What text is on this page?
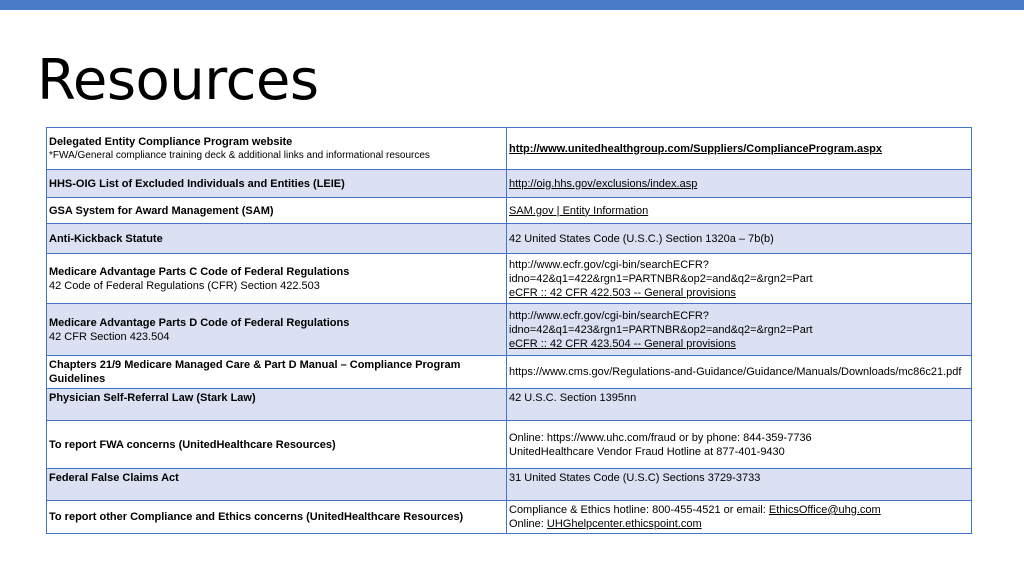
Resources
Delegated Entity Compliance Program website
*FWA/General compliance training deck & additional links and informational resources	http://www.unitedhealthgroup.com/Suppliers/ComplianceProgram.aspx

HHS-OIG List of Excluded Individuals and Entities (LEIE)	http://oig.hhs.gov/exclusions/index.asp

GSA System for Award Management (SAM)	SAM.gov | Entity Information

Anti-Kickback Statute	42 United States Code (U.S.C.) Section 1320a – 7b(b)

Medicare Advantage Parts C Code of Federal Regulations
42 Code of Federal Regulations (CFR) Section 422.503	http://www.ecfr.gov/cgi-bin/searchECFR?idno=42&q1=422&rgn1=PARTNBR&op2=and&q2=&rgn2=Part
eCFR :: 42 CFR 422.503 -- General provisions

Medicare Advantage Parts D Code of Federal Regulations
42 CFR Section 423.504	http://www.ecfr.gov/cgi-bin/searchECFR?idno=42&q1=423&rgn1=PARTNBR&op2=and&q2=&rgn2=Part
eCFR :: 42 CFR 423.504 -- General provisions

Chapters 21/9 Medicare Managed Care & Part D Manual – Compliance Program Guidelines	https://www.cms.gov/Regulations-and-Guidance/Guidance/Manuals/Downloads/mc86c21.pdf

Physician Self-Referral Law (Stark Law)	42 U.S.C. Section 1395nn

To report FWA concerns (UnitedHealthcare Resources)	Online: https://www.uhc.com/fraud or by phone: 844-359-7736
UnitedHealthcare Vendor Fraud Hotline at 877-401-9430

Federal False Claims Act	31 United States Code (U.S.C) Sections 3729-3733

To report other Compliance and Ethics concerns (UnitedHealthcare Resources)	Compliance & Ethics hotline: 800-455-4521 or email: EthicsOffice@uhg.com
Online: UHGhelpcenter.ethicspoint.com
